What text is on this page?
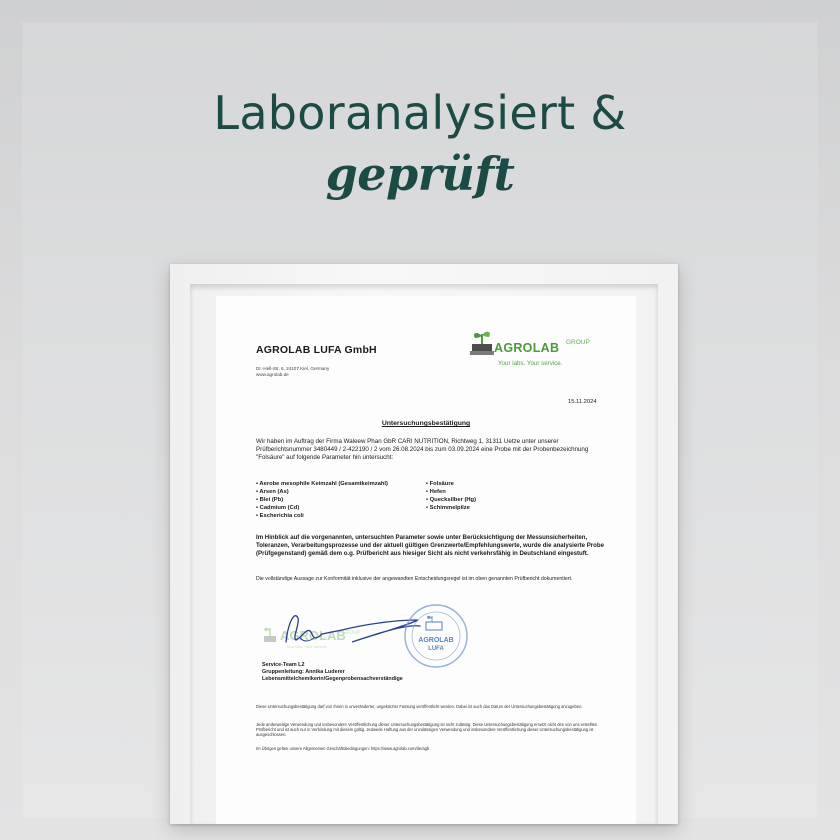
Laboranalysiert &
geprüft
AGROLAB LUFA GmbH
Dr.-Hell-Str. 6, 24107 Kiel, Germany
www.agrolab.de
AGROLAB GROUP
Your labs. Your service.
15.11.2024
Untersuchungsbestätigung
Wir haben im Auftrag der Firma Waleew Phan GbR CARI NUTRITION, Richtweg 1, 31311 Uetze unter unserer Prüfberichtsnummer 3480449 / 2-422190 / 2 vom 26.08.2024 bis zum 03.09.2024 eine Probe mit der Probenbezeichnung "Folsäure" auf folgende Parameter hin untersucht:
• Aerobe mesophile Keimzahl (Gesamtkeimzahl)
• Arsen (As)
• Blei (Pb)
• Cadmium (Cd)
• Escherichia coli
• Folsäure
• Hefen
• Quecksilber (Hg)
• Schimmelpilze
Im Hinblick auf die vorgenannten, untersuchten Parameter sowie unter Berücksichtigung der Messunsicherheiten, Toleranzen, Verarbeitungsprozesse und der aktuell gültigen Grenzwerte/Empfehlungswerte, wurde die analysierte Probe (Prüfgegenstand) gemäß dem o.g. Prüfbericht aus hiesiger Sicht als nicht verkehrsfähig in Deutschland eingestuft.
Die vollständige Aussage zur Konformität inklusive der angewandten Entscheidungsregel ist im oben genannten Prüfbericht dokumentiert.
AGROLAB
GROUP
Your labs. Your service.
AGROLAB
LUFA
Service-Team L2
Gruppenleitung: Annika Luderer
Lebensmittelchemikerin/Gegenprobensachverständige
Diese Untersuchungsbestätigung darf von Ihnen in unveränderter, ungekürzter Fassung veröffentlicht werden. Dabei ist auch das Datum der Untersuchungsbestätigung anzugeben.
Jede anderweitige Verwendung und insbesondere Veröffentlichung dieser Untersuchungsbestätigung ist nicht zulässig. Diese Untersuchungsbestätigung ersetzt nicht den von uns erstellten Prüfbericht und ist auch nur in Verbindung mit diesem gültig. Jedwede Haftung aus der unzulässigen Verwendung und insbesondere Veröffentlichung dieser Untersuchungsbestätigung ist ausgeschlossen.
Im Übrigen gelten unsere Allgemeinen Geschäftsbedingungen: https://www.agrolab.com/de/agb
